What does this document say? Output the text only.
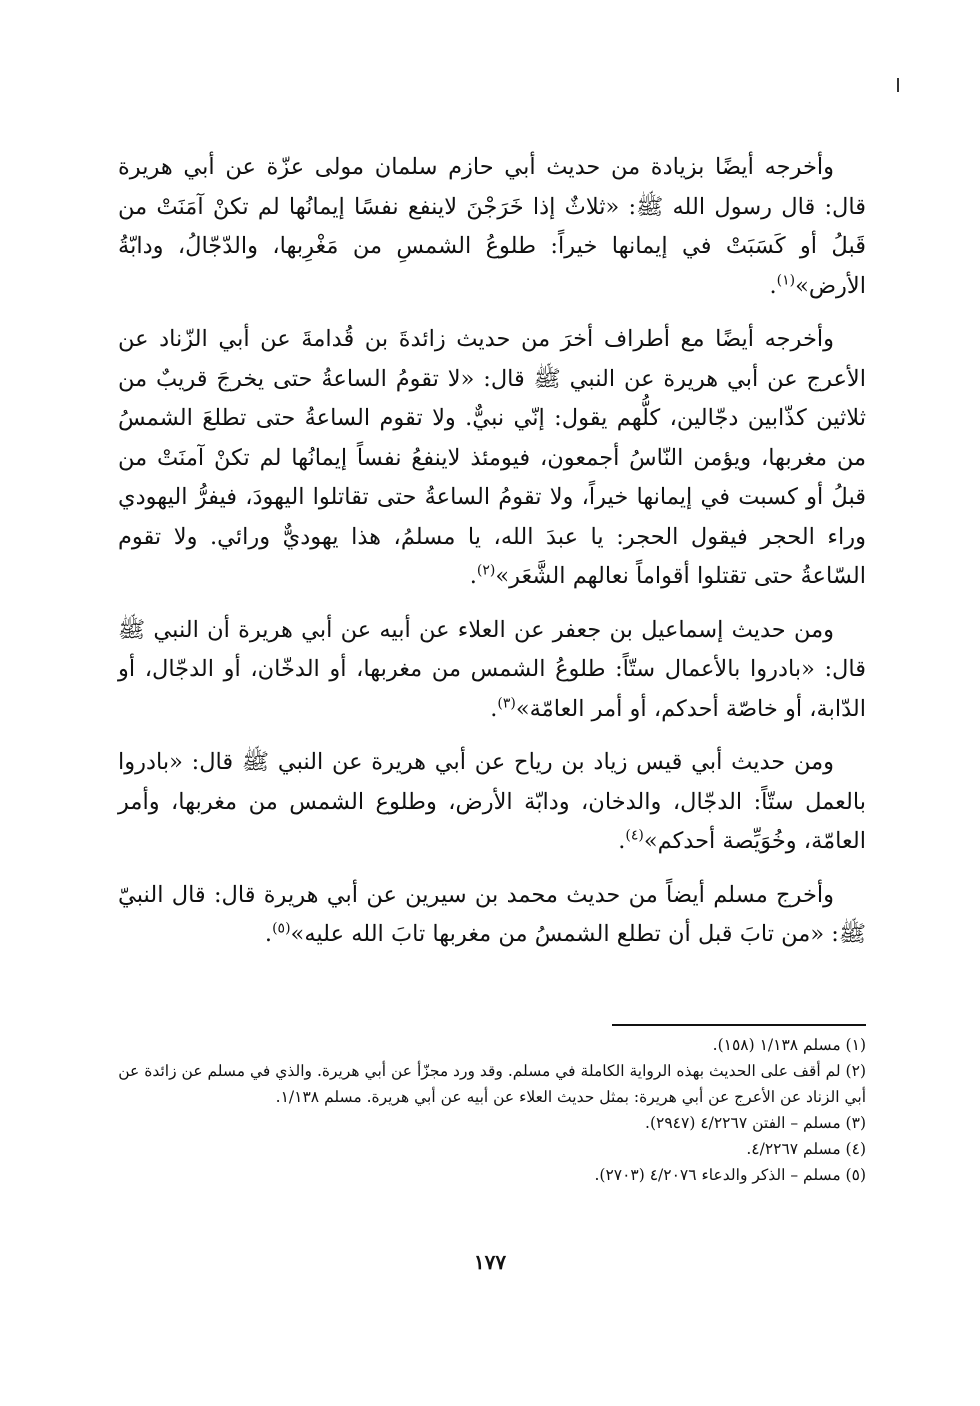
وأخرجه أيضًا بزيادة من حديث أبي حازم سلمان مولى عزّة عن أبي هريرة قال: قال رسول الله ﷺ: «ثلاثٌ إذا خَرَجْنَ لاينفع نفسًا إيمانُها لم تكنْ آمَنَتْ من قَبلُ أو كَسَبَتْ في إيمانها خيراً: طلوعُ الشمسِ من مَغْرِبها، والدّجّالُ، ودابّةُ الأرض»$^{(١)}$.

وأخرجه أيضًا مع أطراف أخرَ من حديث زائدةَ بن قُدامةَ عن أبي الزّناد عن الأعرج عن أبي هريرة عن النبي ﷺ قال: «لا تقومُ الساعةُ حتى يخرجَ قريبٌ من ثلاثين كذّابين دجّالين، كلُّهم يقول: إنّي نبيٌّ. ولا تقوم الساعةُ حتى تطلعَ الشمسُ من مغربها، ويؤمن النّاسُ أجمعون، فيومئذ لاينفعُ نفساً إيمانُها لم تكنْ آمنَتْ من قبلُ أو كسبت في إيمانها خيراً، ولا تقومُ الساعةُ حتى تقاتلوا اليهودَ، فيفرُّ اليهودي وراء الحجر فيقول الحجر: يا عبدَ الله، يا مسلمُ، هذا يهوديٌّ ورائي. ولا تقوم السّاعةُ حتى تقتلوا أقواماً نعالهم الشَّعَر»$^{(٢)}$.

ومن حديث إسماعيل بن جعفر عن العلاء عن أبيه عن أبي هريرة أن النبي ﷺ قال: «بادروا بالأعمال ستّاً: طلوعُ الشمس من مغربها، أو الدخّان، أو الدجّال، أو الدّابة، أو خاصّة أحدكم، أو أمر العامّة»$^{(٣)}$.

ومن حديث أبي قيس زياد بن رياح عن أبي هريرة عن النبي ﷺ قال: «بادروا بالعمل ستّاً: الدجّال، والدخان، ودابّة الأرض، وطلوع الشمس من مغربها، وأمر العامّة، وخُوَيِّصة أحدكم»$^{(٤)}$.

وأخرج مسلم أيضاً من حديث محمد بن سيرين عن أبي هريرة قال: قال النبيّ ﷺ: «من تابَ قبل أن تطلع الشمسُ من مغربها تابَ الله عليه»$^{(٥)}$.

(١) مسلم ١/١٣٨ (١٥٨).

(٢) لم أقف على الحديث بهذه الرواية الكاملة في مسلم. وقد ورد مجزّأ عن أبي هريرة. والذي في مسلم عن زائدة عن أبي الزناد عن الأعرج عن أبي هريرة: بمثل حديث العلاء عن أبيه عن أبي هريرة. مسلم ١/١٣٨.

(٣) مسلم – الفتن ٤/٢٢٦٧ (٢٩٤٧).

(٤) مسلم ٤/٢٢٦٧.

(٥) مسلم – الذكر والدعاء ٤/٢٠٧٦ (٢٧٠٣).

١٧٧
